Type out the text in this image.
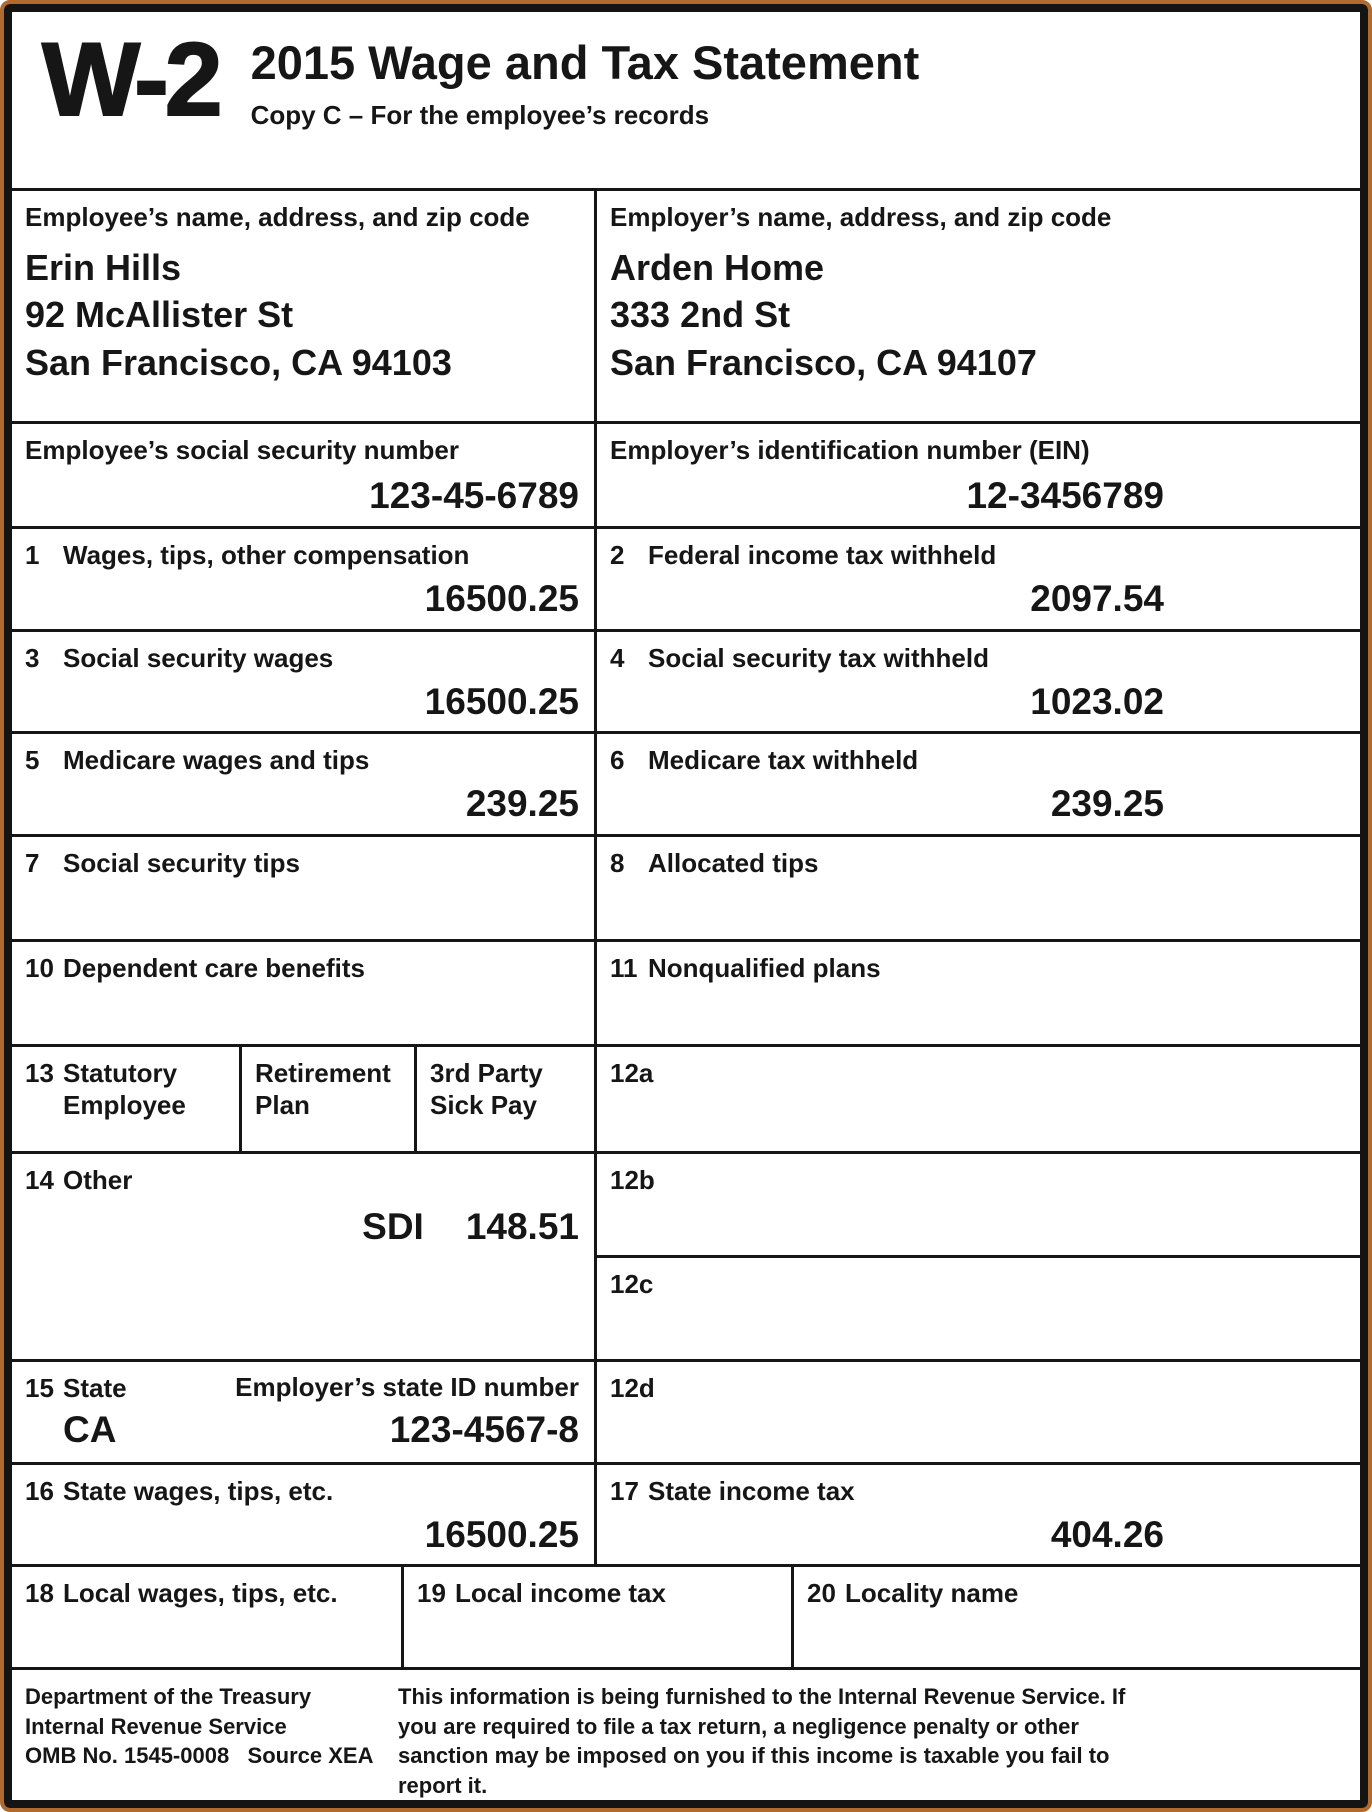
W-2 2015 Wage and Tax Statement
Copy C – For the employee’s records
Employee’s name, address, and zip code
Erin Hills
92 McAllister St
San Francisco, CA 94103
Employer’s name, address, and zip code
Arden Home
333 2nd St
San Francisco, CA 94107
Employee’s social security number
123-45-6789
Employer’s identification number (EIN)
12-3456789
1 Wages, tips, other compensation
16500.25
2 Federal income tax withheld
2097.54
3 Social security wages
16500.25
4 Social security tax withheld
1023.02
5 Medicare wages and tips
239.25
6 Medicare tax withheld
239.25
7 Social security tips	8 Allocated tips
10 Dependent care benefits	11 Nonqualified plans
13 Statutory
Employee
Retirement
Plan
3rd Party
Sick Pay
14 Other
SDI 148.51
15 State	Employer’s state ID number
CA	123-4567-8
12a
12b
12c
12d
16 State wages, tips, etc.
16500.25
17 State income tax
404.26
18 Local wages, tips, etc.	19 Local income tax	20 Locality name
Department of the Treasury
Internal Revenue Service
OMB No. 1545-0008   Source XEA
This information is being furnished to the Internal Revenue Service. If you are required to file a tax return, a negligence penalty or other sanction may be imposed on you if this income is taxable you fail to report it.
